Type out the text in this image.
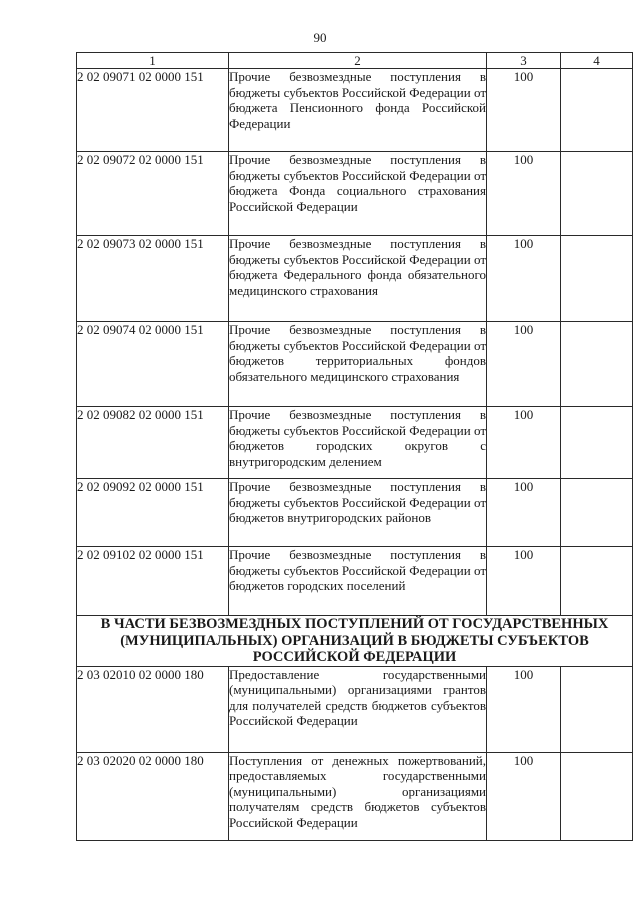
90
1	2	3	4
2 02 09071 02 0000 151	Прочие безвозмездные поступления в бюджеты субъектов Российской Федерации от бюджета Пенсионного фонда Российской Федерации	100	
2 02 09072 02 0000 151	Прочие безвозмездные поступления в бюджеты субъектов Российской Федерации от бюджета Фонда социального страхования Российской Федерации	100	
2 02 09073 02 0000 151	Прочие безвозмездные поступления в бюджеты субъектов Российской Федерации от бюджета Федерального фонда обязательного медицинского страхования	100	
2 02 09074 02 0000 151	Прочие безвозмездные поступления в бюджеты субъектов Российской Федерации от бюджетов территориальных фондов обязательного медицинского страхования	100	
2 02 09082 02 0000 151	Прочие безвозмездные поступления в бюджеты субъектов Российской Федерации от бюджетов городских округов с внутригородским делением	100	
2 02 09092 02 0000 151	Прочие безвозмездные поступления в бюджеты субъектов Российской Федерации от бюджетов внутригородских районов	100	
2 02 09102 02 0000 151	Прочие безвозмездные поступления в бюджеты субъектов Российской Федерации от бюджетов городских поселений	100	
В ЧАСТИ БЕЗВОЗМЕЗДНЫХ ПОСТУПЛЕНИЙ ОТ ГОСУДАРСТВЕННЫХ (МУНИЦИПАЛЬНЫХ) ОРГАНИЗАЦИЙ В БЮДЖЕТЫ СУБЪЕКТОВ РОССИЙСКОЙ ФЕДЕРАЦИИ			
2 03 02010 02 0000 180	Предоставление государственными (муниципальными) организациями грантов для получателей средств бюджетов субъектов Российской Федерации	100	
2 03 02020 02 0000 180	Поступления от денежных пожертвований, предоставляемых государственными (муниципальными) организациями получателям средств бюджетов субъектов Российской Федерации	100	
